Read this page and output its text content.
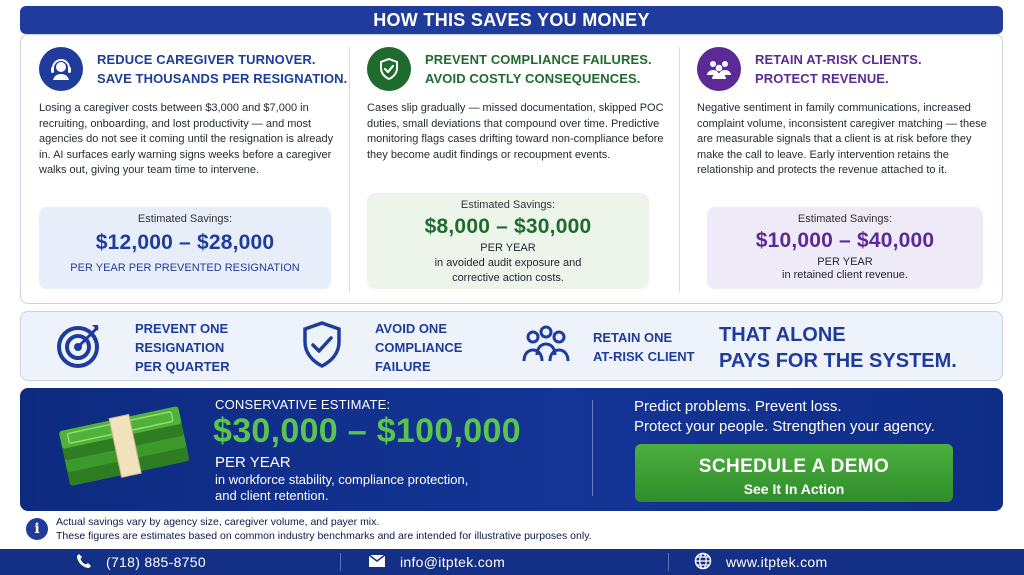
HOW THIS SAVES YOU MONEY
REDUCE CAREGIVER TURNOVER.
SAVE THOUSANDS PER RESIGNATION.
Losing a caregiver costs between $3,000 and $7,000 in recruiting, onboarding, and lost productivity — and most agencies do not see it coming until the resignation is already in. AI surfaces early warning signs weeks before a caregiver walks out, giving your team time to intervene.
Estimated Savings:
$12,000 – $28,000
PER YEAR PER PREVENTED RESIGNATION
PREVENT COMPLIANCE FAILURES.
AVOID COSTLY CONSEQUENCES.
Cases slip gradually — missed documentation, skipped POC duties, small deviations that compound over time. Predictive monitoring flags cases drifting toward non-compliance before they become audit findings or recoupment events.
Estimated Savings:
$8,000 – $30,000
PER YEAR
in avoided audit exposure and corrective action costs.
RETAIN AT-RISK CLIENTS.
PROTECT REVENUE.
Negative sentiment in family communications, increased complaint volume, inconsistent caregiver matching — these are measurable signals that a client is at risk before they make the call to leave. Early intervention retains the relationship and protects the revenue attached to it.
Estimated Savings:
$10,000 – $40,000
PER YEAR
in retained client revenue.
PREVENT ONE
RESIGNATION
PER QUARTER
AVOID ONE
COMPLIANCE
FAILURE
RETAIN ONE
AT-RISK CLIENT
THAT ALONE
PAYS FOR THE SYSTEM.
CONSERVATIVE ESTIMATE:
$30,000 – $100,000
PER YEAR
in workforce stability, compliance protection,
and client retention.
Predict problems. Prevent loss.
Protect your people. Strengthen your agency.
SCHEDULE A DEMO
See It In Action
i	Actual savings vary by agency size, caregiver volume, and payer mix.
These figures are estimates based on common industry benchmarks and are intended for illustrative purposes only.
(718) 885-8750	info@itptek.com	www.itptek.com
